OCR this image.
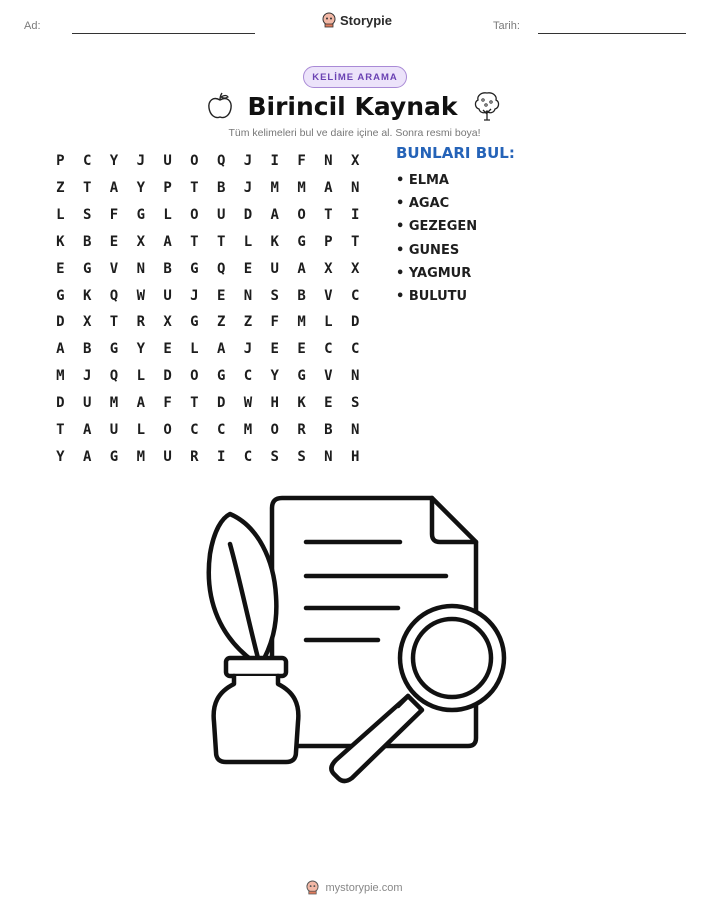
Ad:	Storypie	Tarih:
KELİME ARAMA
Birincil Kaynak
Tüm kelimeleri bul ve daire içine al. Sonra resmi boya!
P	C	Y	J	U	O	Q	J	I	F	N	X
Z	T	A	Y	P	T	B	J	M	M	A	N
L	S	F	G	L	O	U	D	A	O	T	I
K	B	E	X	A	T	T	L	K	G	P	T
E	G	V	N	B	G	Q	E	U	A	X	X
G	K	Q	W	U	J	E	N	S	B	V	C
D	X	T	R	X	G	Z	Z	F	M	L	D
A	B	G	Y	E	L	A	J	E	E	C	C
M	J	Q	L	D	O	G	C	Y	G	V	N
D	U	M	A	F	T	D	W	H	K	E	S
T	A	U	L	O	C	C	M	O	R	B	N
Y	A	G	M	U	R	I	C	S	S	N	H
BUNLARI BUL:
• ELMA
• AGAC
• GEZEGEN
• GUNES
• YAGMUR
• BULUTU
mystorypie.com
